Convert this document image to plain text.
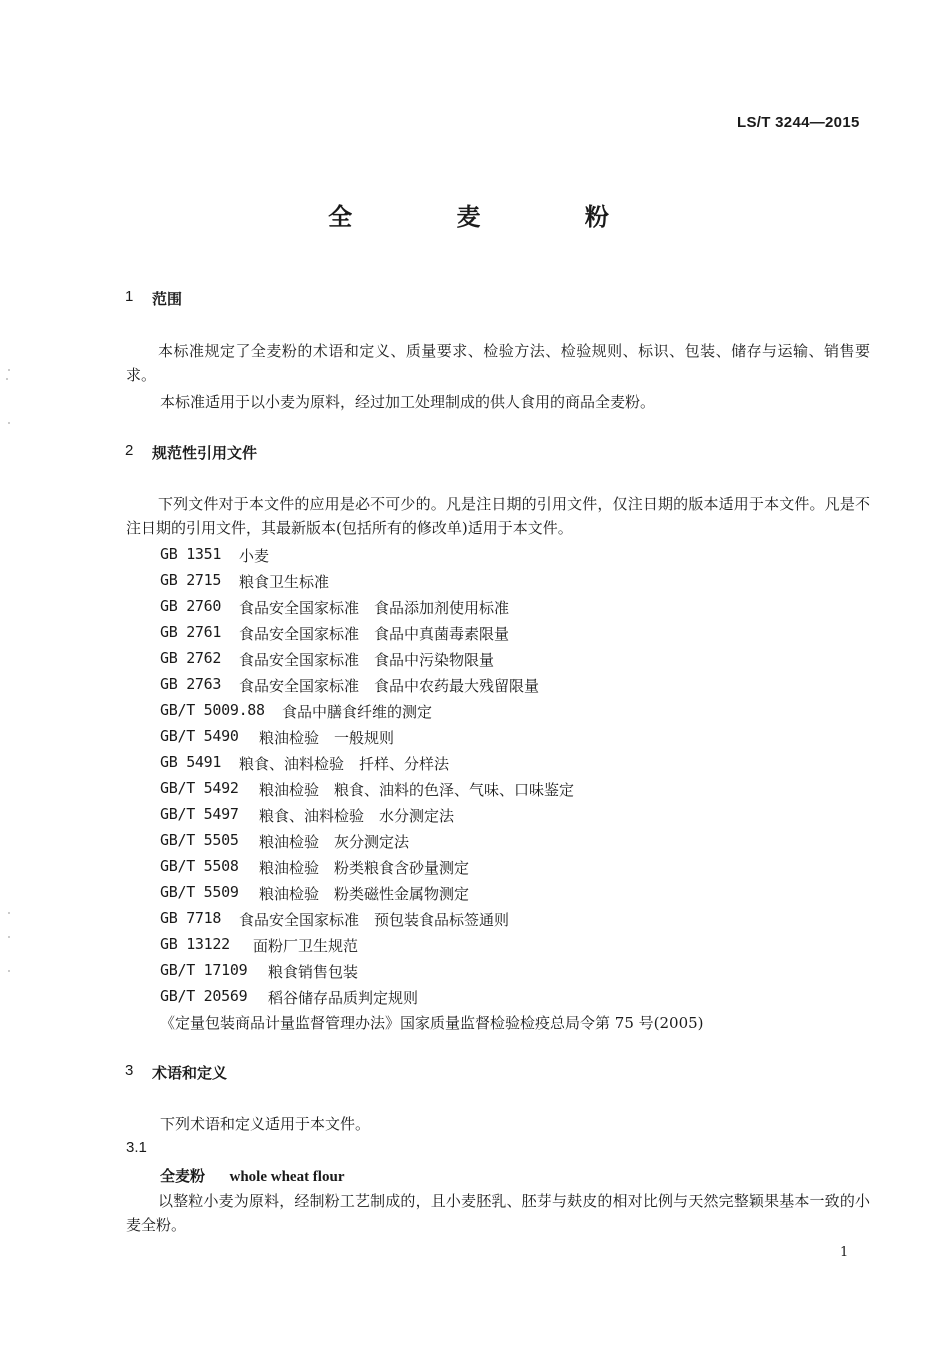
LS/T 3244—2015
全 麦 粉
1 范围
本标准规定了全麦粉的术语和定义、质量要求、检验方法、检验规则、标识、包装、储存与运输、销售要求。
本标准适用于以小麦为原料，经过加工处理制成的供人食用的商品全麦粉。
2 规范性引用文件
下列文件对于本文件的应用是必不可少的。凡是注日期的引用文件，仅注日期的版本适用于本文件。凡是不注日期的引用文件，其最新版本(包括所有的修改单)适用于本文件。
GB 1351 小麦
GB 2715 粮食卫生标准
GB 2760 食品安全国家标准　食品添加剂使用标准
GB 2761 食品安全国家标准　食品中真菌毒素限量
GB 2762 食品安全国家标准　食品中污染物限量
GB 2763 食品安全国家标准　食品中农药最大残留限量
GB/T 5009.88 食品中膳食纤维的测定
GB/T 5490 粮油检验　一般规则
GB 5491 粮食、油料检验　扦样、分样法
GB/T 5492 粮油检验　粮食、油料的色泽、气味、口味鉴定
GB/T 5497 粮食、油料检验　水分测定法
GB/T 5505 粮油检验　灰分测定法
GB/T 5508 粮油检验　粉类粮食含砂量测定
GB/T 5509 粮油检验　粉类磁性金属物测定
GB 7718 食品安全国家标准　预包装食品标签通则
GB 13122 面粉厂卫生规范
GB/T 17109 粮食销售包装
GB/T 20569 稻谷储存品质判定规则
《定量包装商品计量监督管理办法》国家质量监督检验检疫总局令第 75 号(2005)
3 术语和定义
下列术语和定义适用于本文件。
3.1
全麦粉 whole wheat flour
以整粒小麦为原料，经制粉工艺制成的，且小麦胚乳、胚芽与麸皮的相对比例与天然完整颖果基本一致的小麦全粉。
1
